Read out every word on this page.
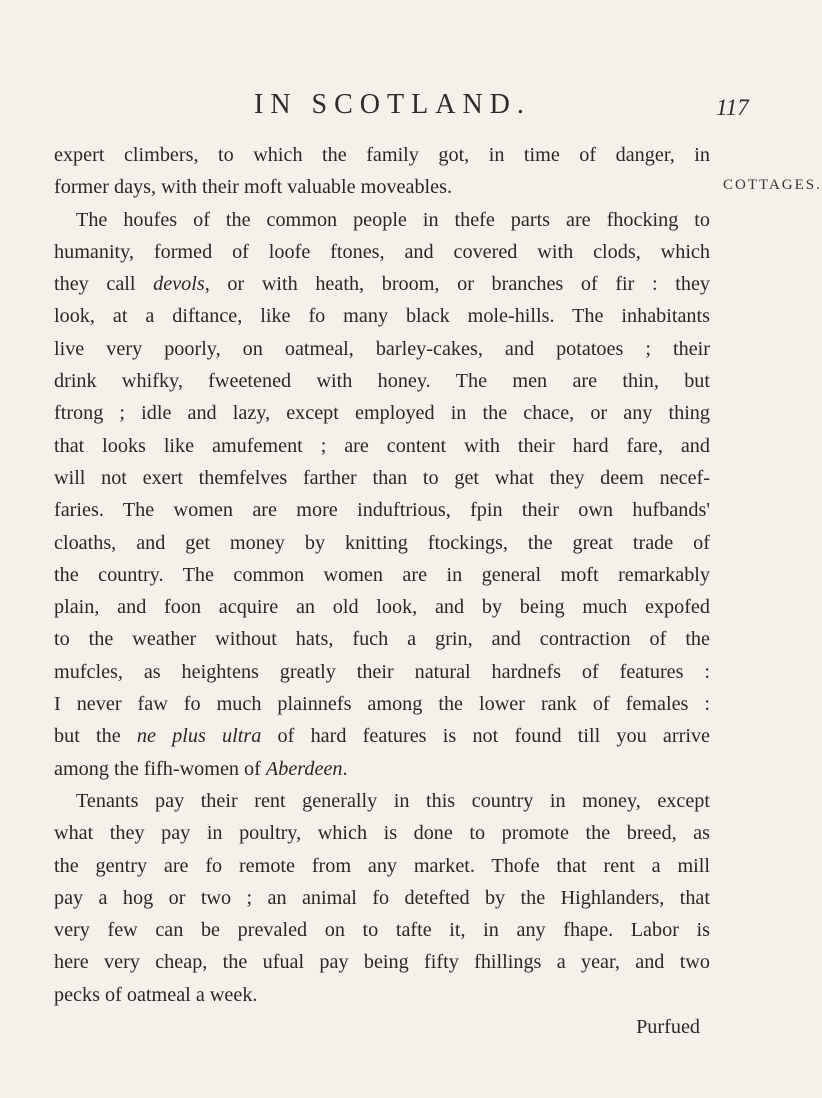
IN SCOTLAND.	117
COTTAGES.
expert climbers, to which the family got, in time of danger, in
former days, with their moft valuable moveables.
The houfes of the common people in thefe parts are fhocking to
humanity, formed of loofe ftones, and covered with clods, which
they call devols, or with heath, broom, or branches of fir : they
look, at a diftance, like fo many black mole-hills. The inhabitants
live very poorly, on oatmeal, barley-cakes, and potatoes ; their
drink whifky, fweetened with honey. The men are thin, but
ftrong ; idle and lazy, except employed in the chace, or any thing
that looks like amufement ; are content with their hard fare, and
will not exert themfelves farther than to get what they deem necef-
faries. The women are more induftrious, fpin their own hufbands'
cloaths, and get money by knitting ftockings, the great trade of
the country. The common women are in general moft remarkably
plain, and foon acquire an old look, and by being much expofed
to the weather without hats, fuch a grin, and contraction of the
mufcles, as heightens greatly their natural hardnefs of features :
I never faw fo much plainnefs among the lower rank of females :
but the ne plus ultra of hard features is not found till you arrive
among the fifh-women of Aberdeen.
Tenants pay their rent generally in this country in money, except
what they pay in poultry, which is done to promote the breed, as
the gentry are fo remote from any market. Thofe that rent a mill
pay a hog or two ; an animal fo detefted by the Highlanders, that
very few can be prevaled on to tafte it, in any fhape. Labor is
here very cheap, the ufual pay being fifty fhillings a year, and two
pecks of oatmeal a week.
Purfued
